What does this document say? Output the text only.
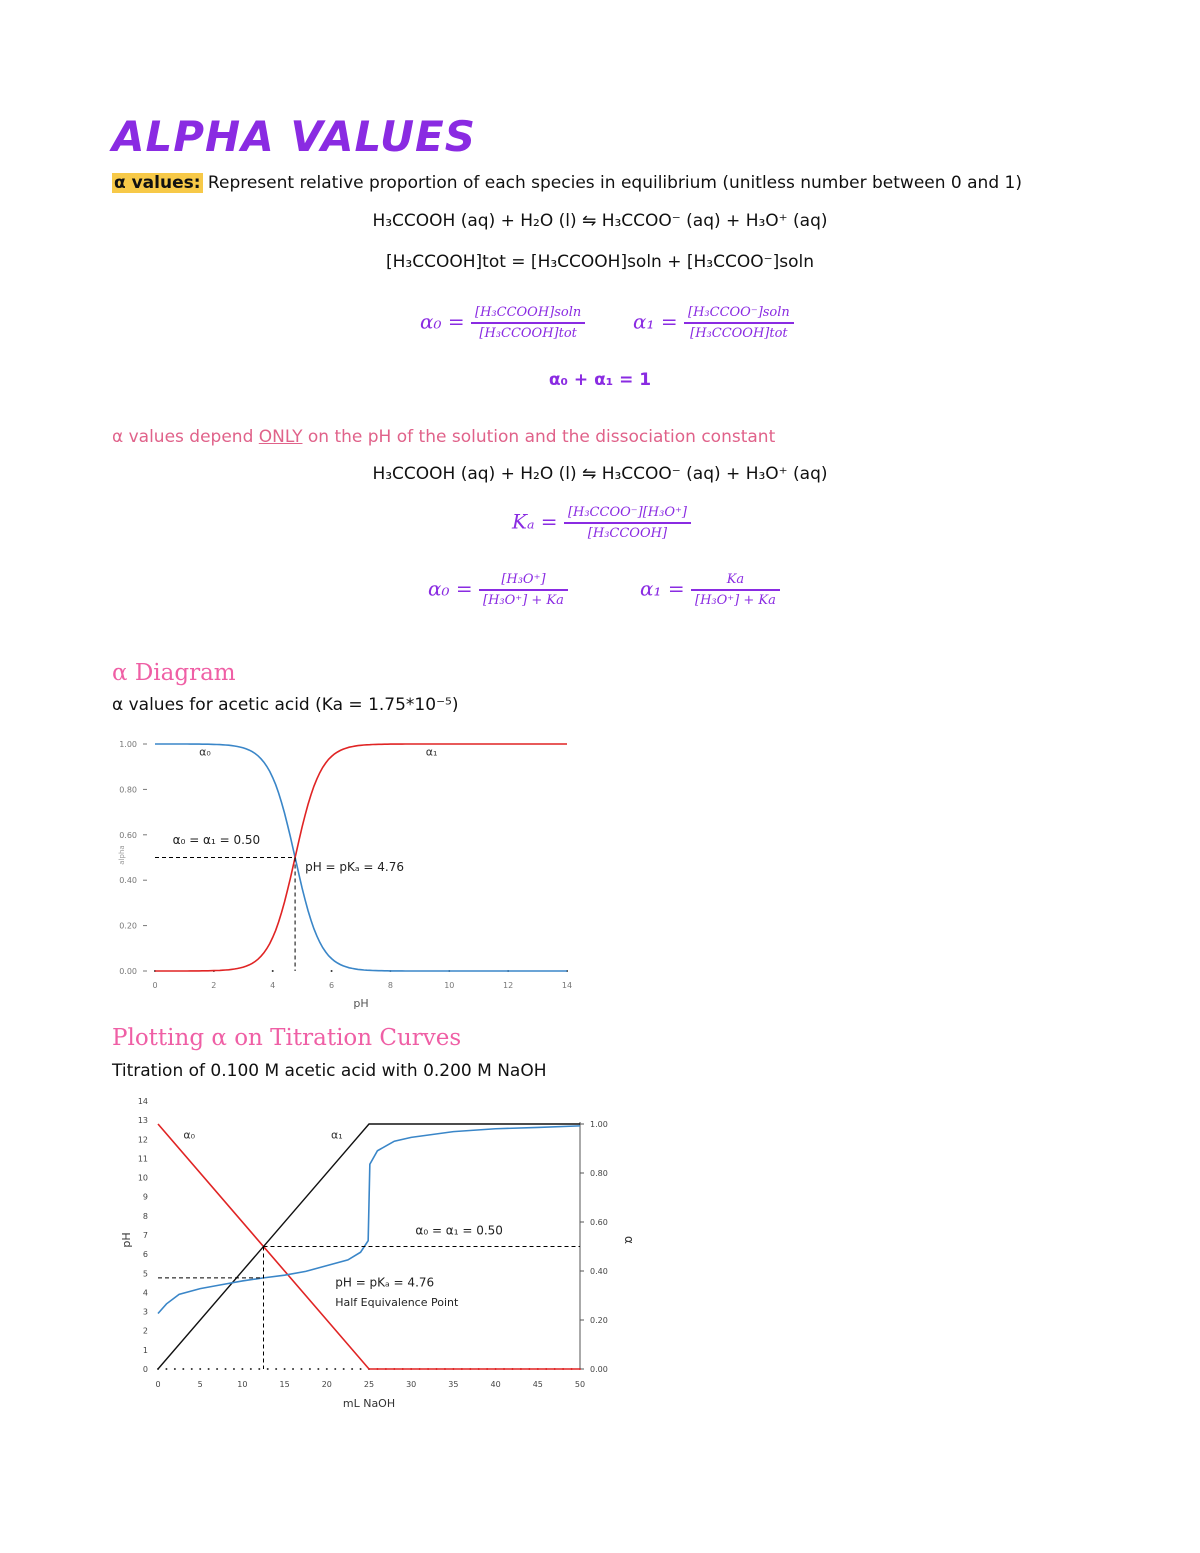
ALPHA VALUES
α values: Represent relative proportion of each species in equilibrium (unitless number between 0 and 1)
H₃CCOOH (aq) + H₂O (l) ⇋ H₃CCOO⁻ (aq) + H₃O⁺ (aq)
[H₃CCOOH]tot = [H₃CCOOH]soln + [H₃CCOO⁻]soln
$\alpha_0 = \frac{\text{[H₃CCOOH]soln}}{\text{[H₃CCOOH]tot}} \alpha_1 = \frac{\text{[H₃CCOO⁻]soln}}{\text{[H₃CCOOH]tot}}$
α₀ + α₁ = 1
α values depend ONLY on the pH of the solution and the dissociation constant
H₃CCOOH (aq) + H₂O (l) ⇋ H₃CCOO⁻ (aq) + H₃O⁺ (aq)
$K_a = \frac{\text{[H₃CCOO⁻][H₃O⁺]}}{\text{[H₃CCOOH]}}$
$\alpha_0 = \frac{\text{[H₃O⁺]}}{\text{[H₃O⁺] + Ka}}$	$\alpha_1 = \frac{Ka}{\text{[H₃O⁺] + Ka}}$
α Diagram
α values for acetic acid (Ka = 1.75*10⁻⁵)
0.00
0.20
0.40
0.60
0.80
1.00
0	2	4	6	8	10	12	14
pH
alpha
α₀	α₁
α₀ = α₁ = 0.50
pH = pKₐ = 4.76
Plotting α on Titration Curves
Titration of 0.100 M acetic acid with 0.200 M NaOH
0
1
2
3
4
5
6
7
8
9
10
11
12
13
14
0.00
0.20
0.40
0.60
0.80
1.00
0	5	10	15	20	25	30	35	40	45	50
mL NaOH
pH	α
α₀	α₁
α₀ = α₁ = 0.50
pH = pKₐ = 4.76
Half Equivalence Point
